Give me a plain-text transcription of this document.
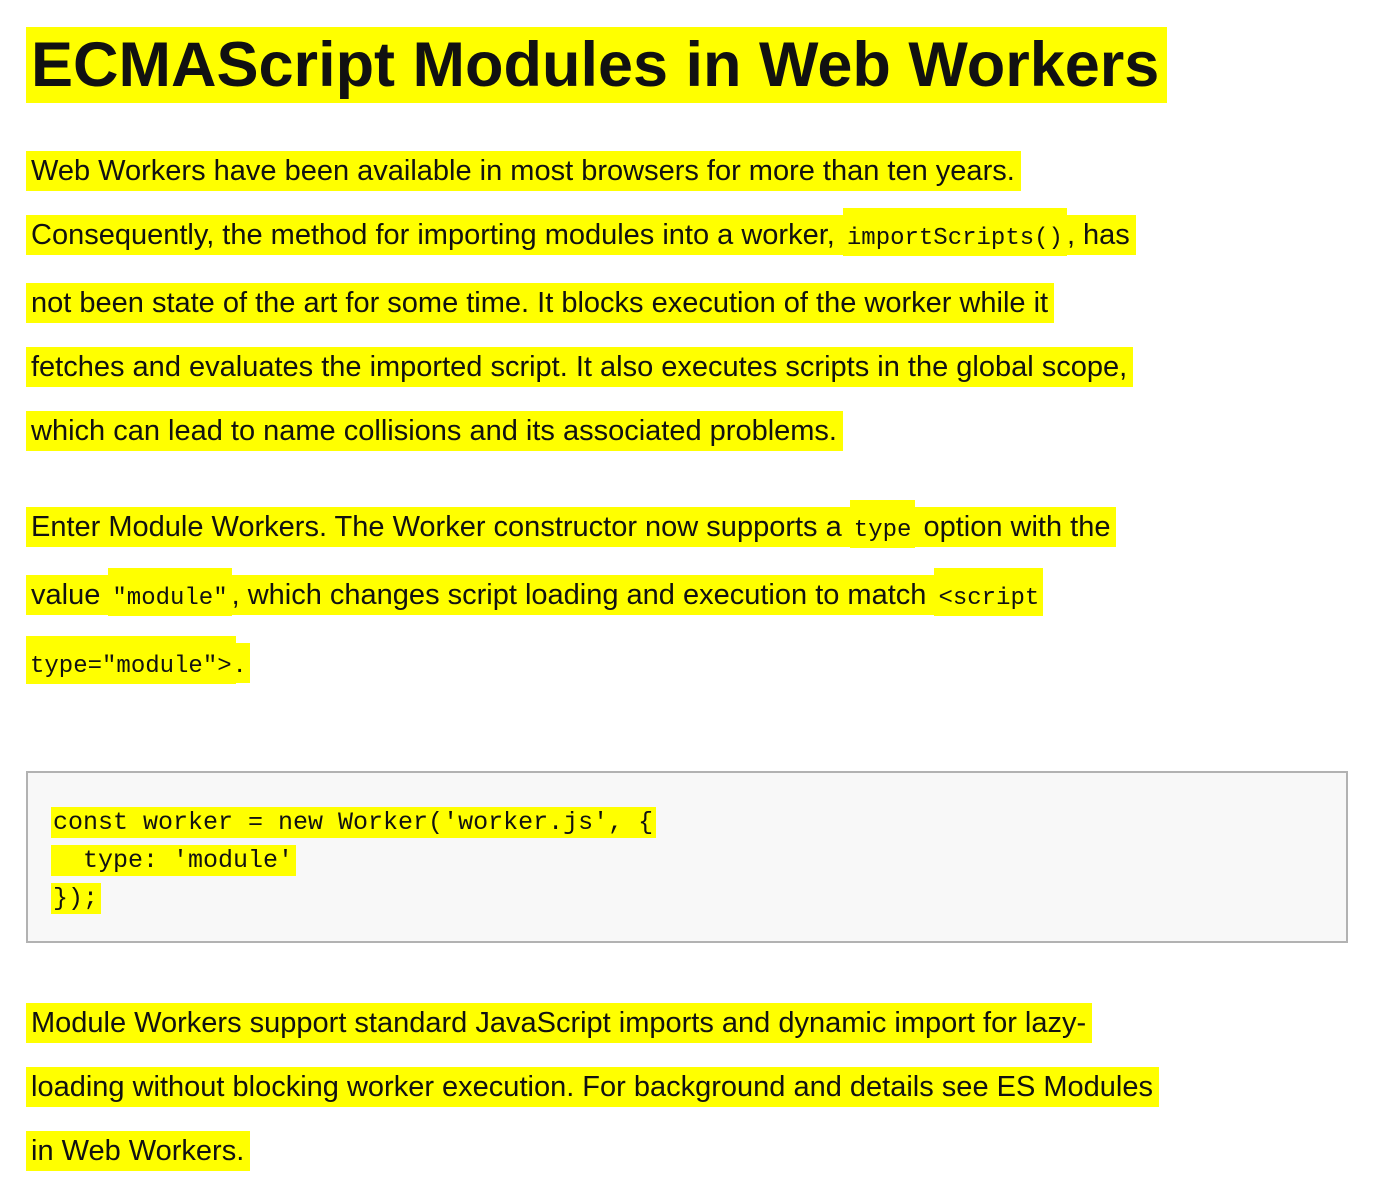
ECMAScript Modules in Web Workers

Web Workers have been available in most browsers for more than ten years.
Consequently, the method for importing modules into a worker, importScripts() , has
not been state of the art for some time. It blocks execution of the worker while it
fetches and evaluates the imported script. It also executes scripts in the global scope,
which can lead to name collisions and its associated problems.

Enter Module Workers. The Worker constructor now supports a type option with the
value "module" , which changes script loading and execution to match <script
type="module"> .

const worker = new Worker('worker.js', {
type: 'module'
});

Module Workers support standard JavaScript imports and dynamic import for lazy-
loading without blocking worker execution. For background and details see ES Modules
in Web Workers.
